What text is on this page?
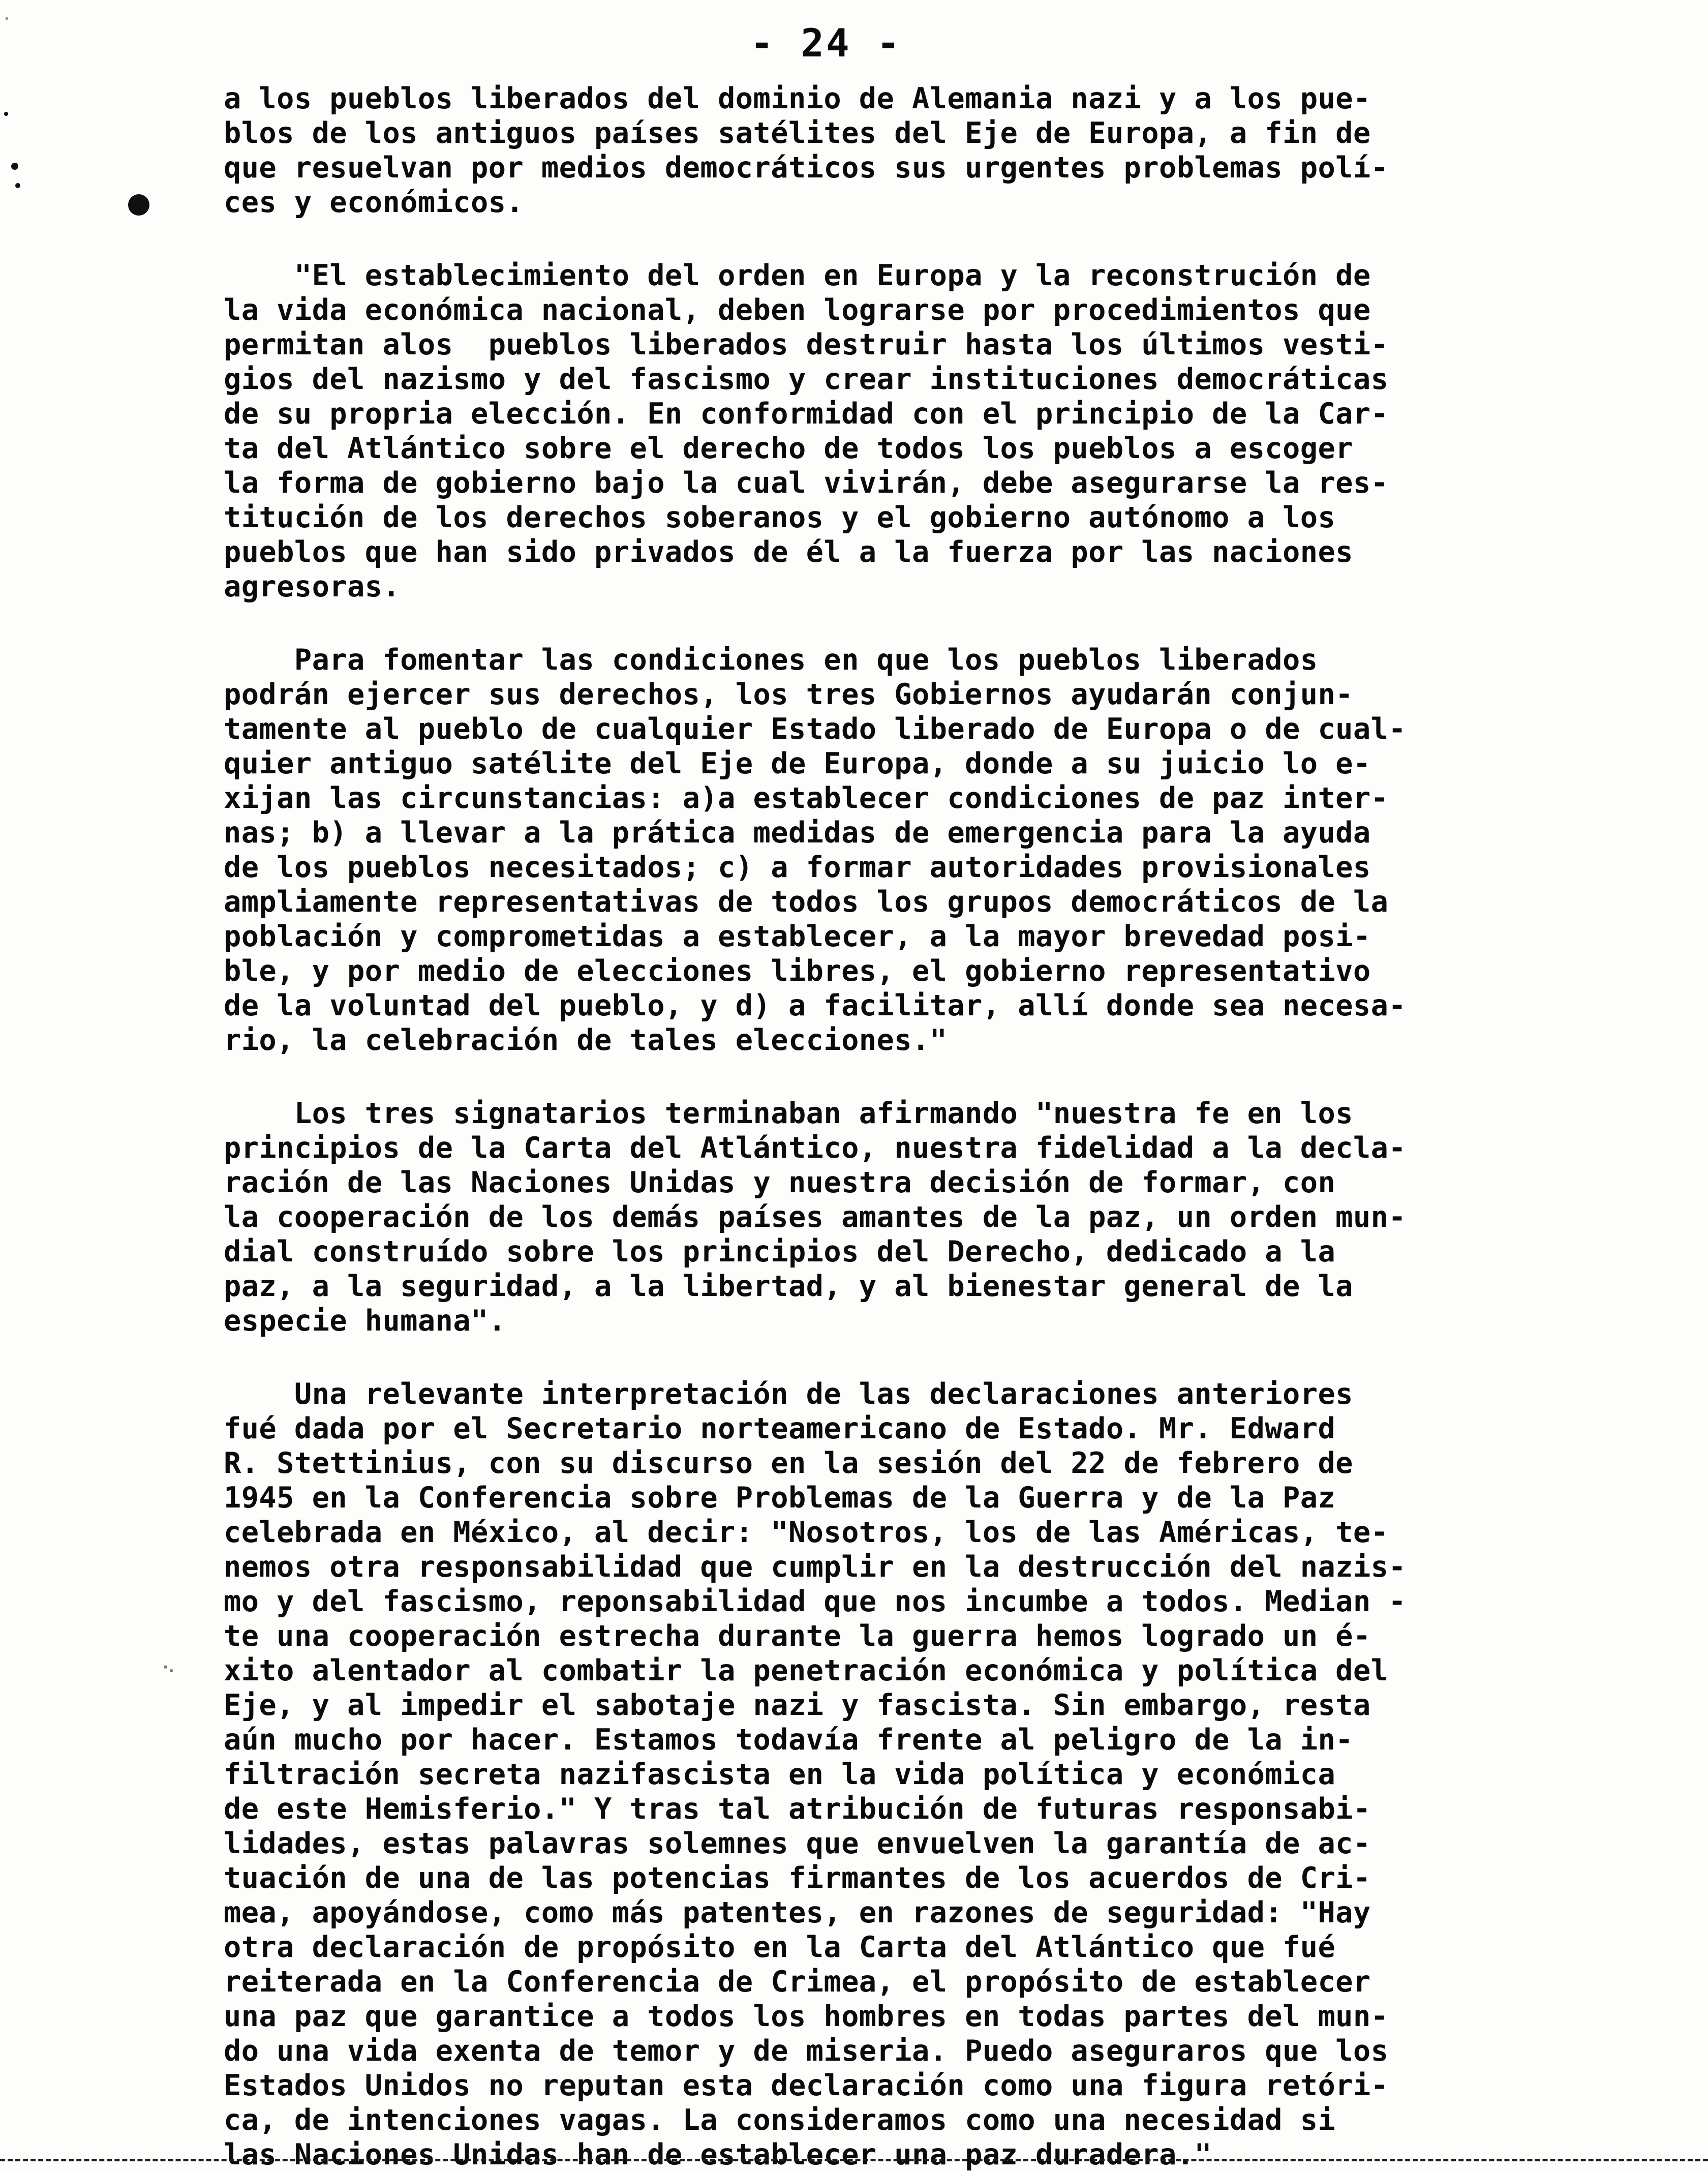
·
·.
- 24 -
a los pueblos liberados del dominio de Alemania nazi y a los pue-
blos de los antiguos países satélites del Eje de Europa, a fin de
que resuelvan por medios democráticos sus urgentes problemas polí-
ces y económicos.
"El establecimiento del orden en Europa y la reconstrución de
la vida económica nacional, deben lograrse por procedimientos que
permitan alos  pueblos liberados destruir hasta los últimos vesti-
gios del nazismo y del fascismo y crear instituciones democráticas
de su propria elección. En conformidad con el principio de la Car-
ta del Atlántico sobre el derecho de todos los pueblos a escoger
la forma de gobierno bajo la cual vivirán, debe asegurarse la res-
titución de los derechos soberanos y el gobierno autónomo a los
pueblos que han sido privados de él a la fuerza por las naciones
agresoras.
Para fomentar las condiciones en que los pueblos liberados
podrán ejercer sus derechos, los tres Gobiernos ayudarán conjun-
tamente al pueblo de cualquier Estado liberado de Europa o de cual-
quier antiguo satélite del Eje de Europa, donde a su juicio lo e-
xijan las circunstancias: a)a establecer condiciones de paz inter-
nas; b) a llevar a la prática medidas de emergencia para la ayuda
de los pueblos necesitados; c) a formar autoridades provisionales
ampliamente representativas de todos los grupos democráticos de la
población y comprometidas a establecer, a la mayor brevedad posi-
ble, y por medio de elecciones libres, el gobierno representativo
de la voluntad del pueblo, y d) a facilitar, allí donde sea necesa-
rio, la celebración de tales elecciones."
Los tres signatarios terminaban afirmando "nuestra fe en los
principios de la Carta del Atlántico, nuestra fidelidad a la decla-
ración de las Naciones Unidas y nuestra decisión de formar, con
la cooperación de los demás países amantes de la paz, un orden mun-
dial construído sobre los principios del Derecho, dedicado a la
paz, a la seguridad, a la libertad, y al bienestar general de la
especie humana".
Una relevante interpretación de las declaraciones anteriores
fué dada por el Secretario norteamericano de Estado. Mr. Edward
R. Stettinius, con su discurso en la sesión del 22 de febrero de
1945 en la Conferencia sobre Problemas de la Guerra y de la Paz
celebrada en México, al decir: "Nosotros, los de las Américas, te-
nemos otra responsabilidad que cumplir en la destrucción del nazis-
mo y del fascismo, reponsabilidad que nos incumbe a todos. Median -
te una cooperación estrecha durante la guerra hemos logrado un é-
xito alentador al combatir la penetración económica y política del
Eje, y al impedir el sabotaje nazi y fascista. Sin embargo, resta
aún mucho por hacer. Estamos todavía frente al peligro de la in-
filtración secreta nazifascista en la vida política y económica
de este Hemisferio." Y tras tal atribución de futuras responsabi-
lidades, estas palavras solemnes que envuelven la garantía de ac-
tuación de una de las potencias firmantes de los acuerdos de Cri-
mea, apoyándose, como más patentes, en razones de seguridad: "Hay
otra declaración de propósito en la Carta del Atlántico que fué
reiterada en la Conferencia de Crimea, el propósito de establecer
una paz que garantice a todos los hombres en todas partes del mun-
do una vida exenta de temor y de miseria. Puedo aseguraros que los
Estados Unidos no reputan esta declaración como una figura retóri-
ca, de intenciones vagas. La consideramos como una necesidad si
las Naciones Unidas han de establecer una paz duradera."
